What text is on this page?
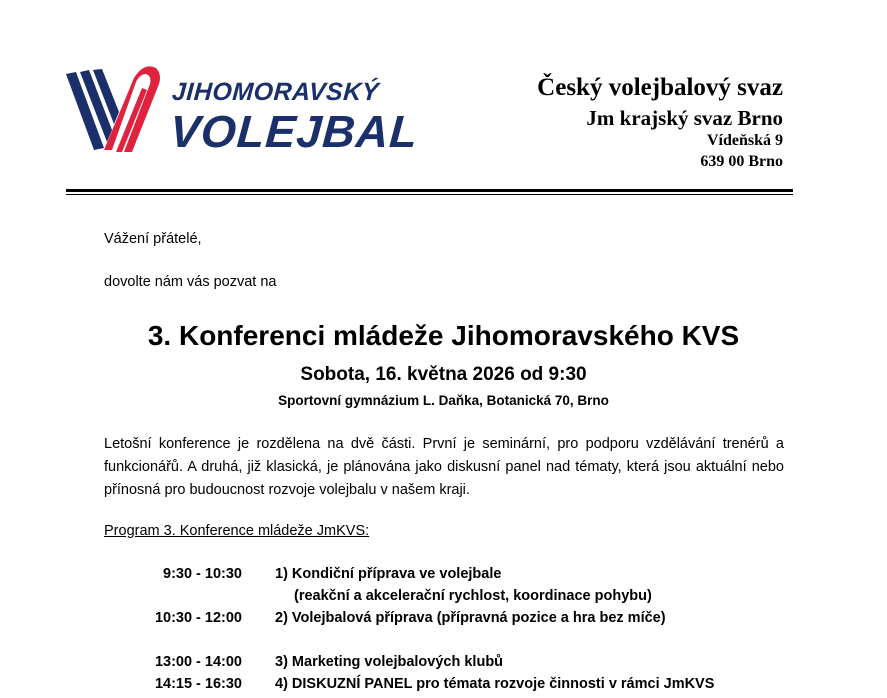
JIHOMORAVSKÝ
VOLEJBAL
Český volejbalový svaz
Jm krajský svaz Brno
Vídeňská 9
639 00 Brno
Vážení přátelé,
dovolte nám vás pozvat na
3. Konferenci mládeže Jihomoravského KVS
Sobota, 16. května 2026 od 9:30
Sportovní gymnázium L. Daňka, Botanická 70, Brno
Letošní konference je rozdělena na dvě části. První je seminární, pro podporu vzdělávání trenérů a funkcionářů. A druhá, již klasická, je plánována jako diskusní panel nad tématy, která jsou aktuální nebo přínosná pro budoucnost rozvoje volejbalu v našem kraji.
Program 3. Konference mládeže JmKVS:
9:30 - 10:30 1) Kondiční příprava ve volejbale
(reakční a akcelerační rychlost, koordinace pohybu)
10:30 - 12:00 2) Volejbalová příprava (přípravná pozice a hra bez míče)
13:00 - 14:00 3) Marketing volejbalových klubů
14:15 - 16:30 4) DISKUZNÍ PANEL pro témata rozvoje činnosti v rámci JmKVS
